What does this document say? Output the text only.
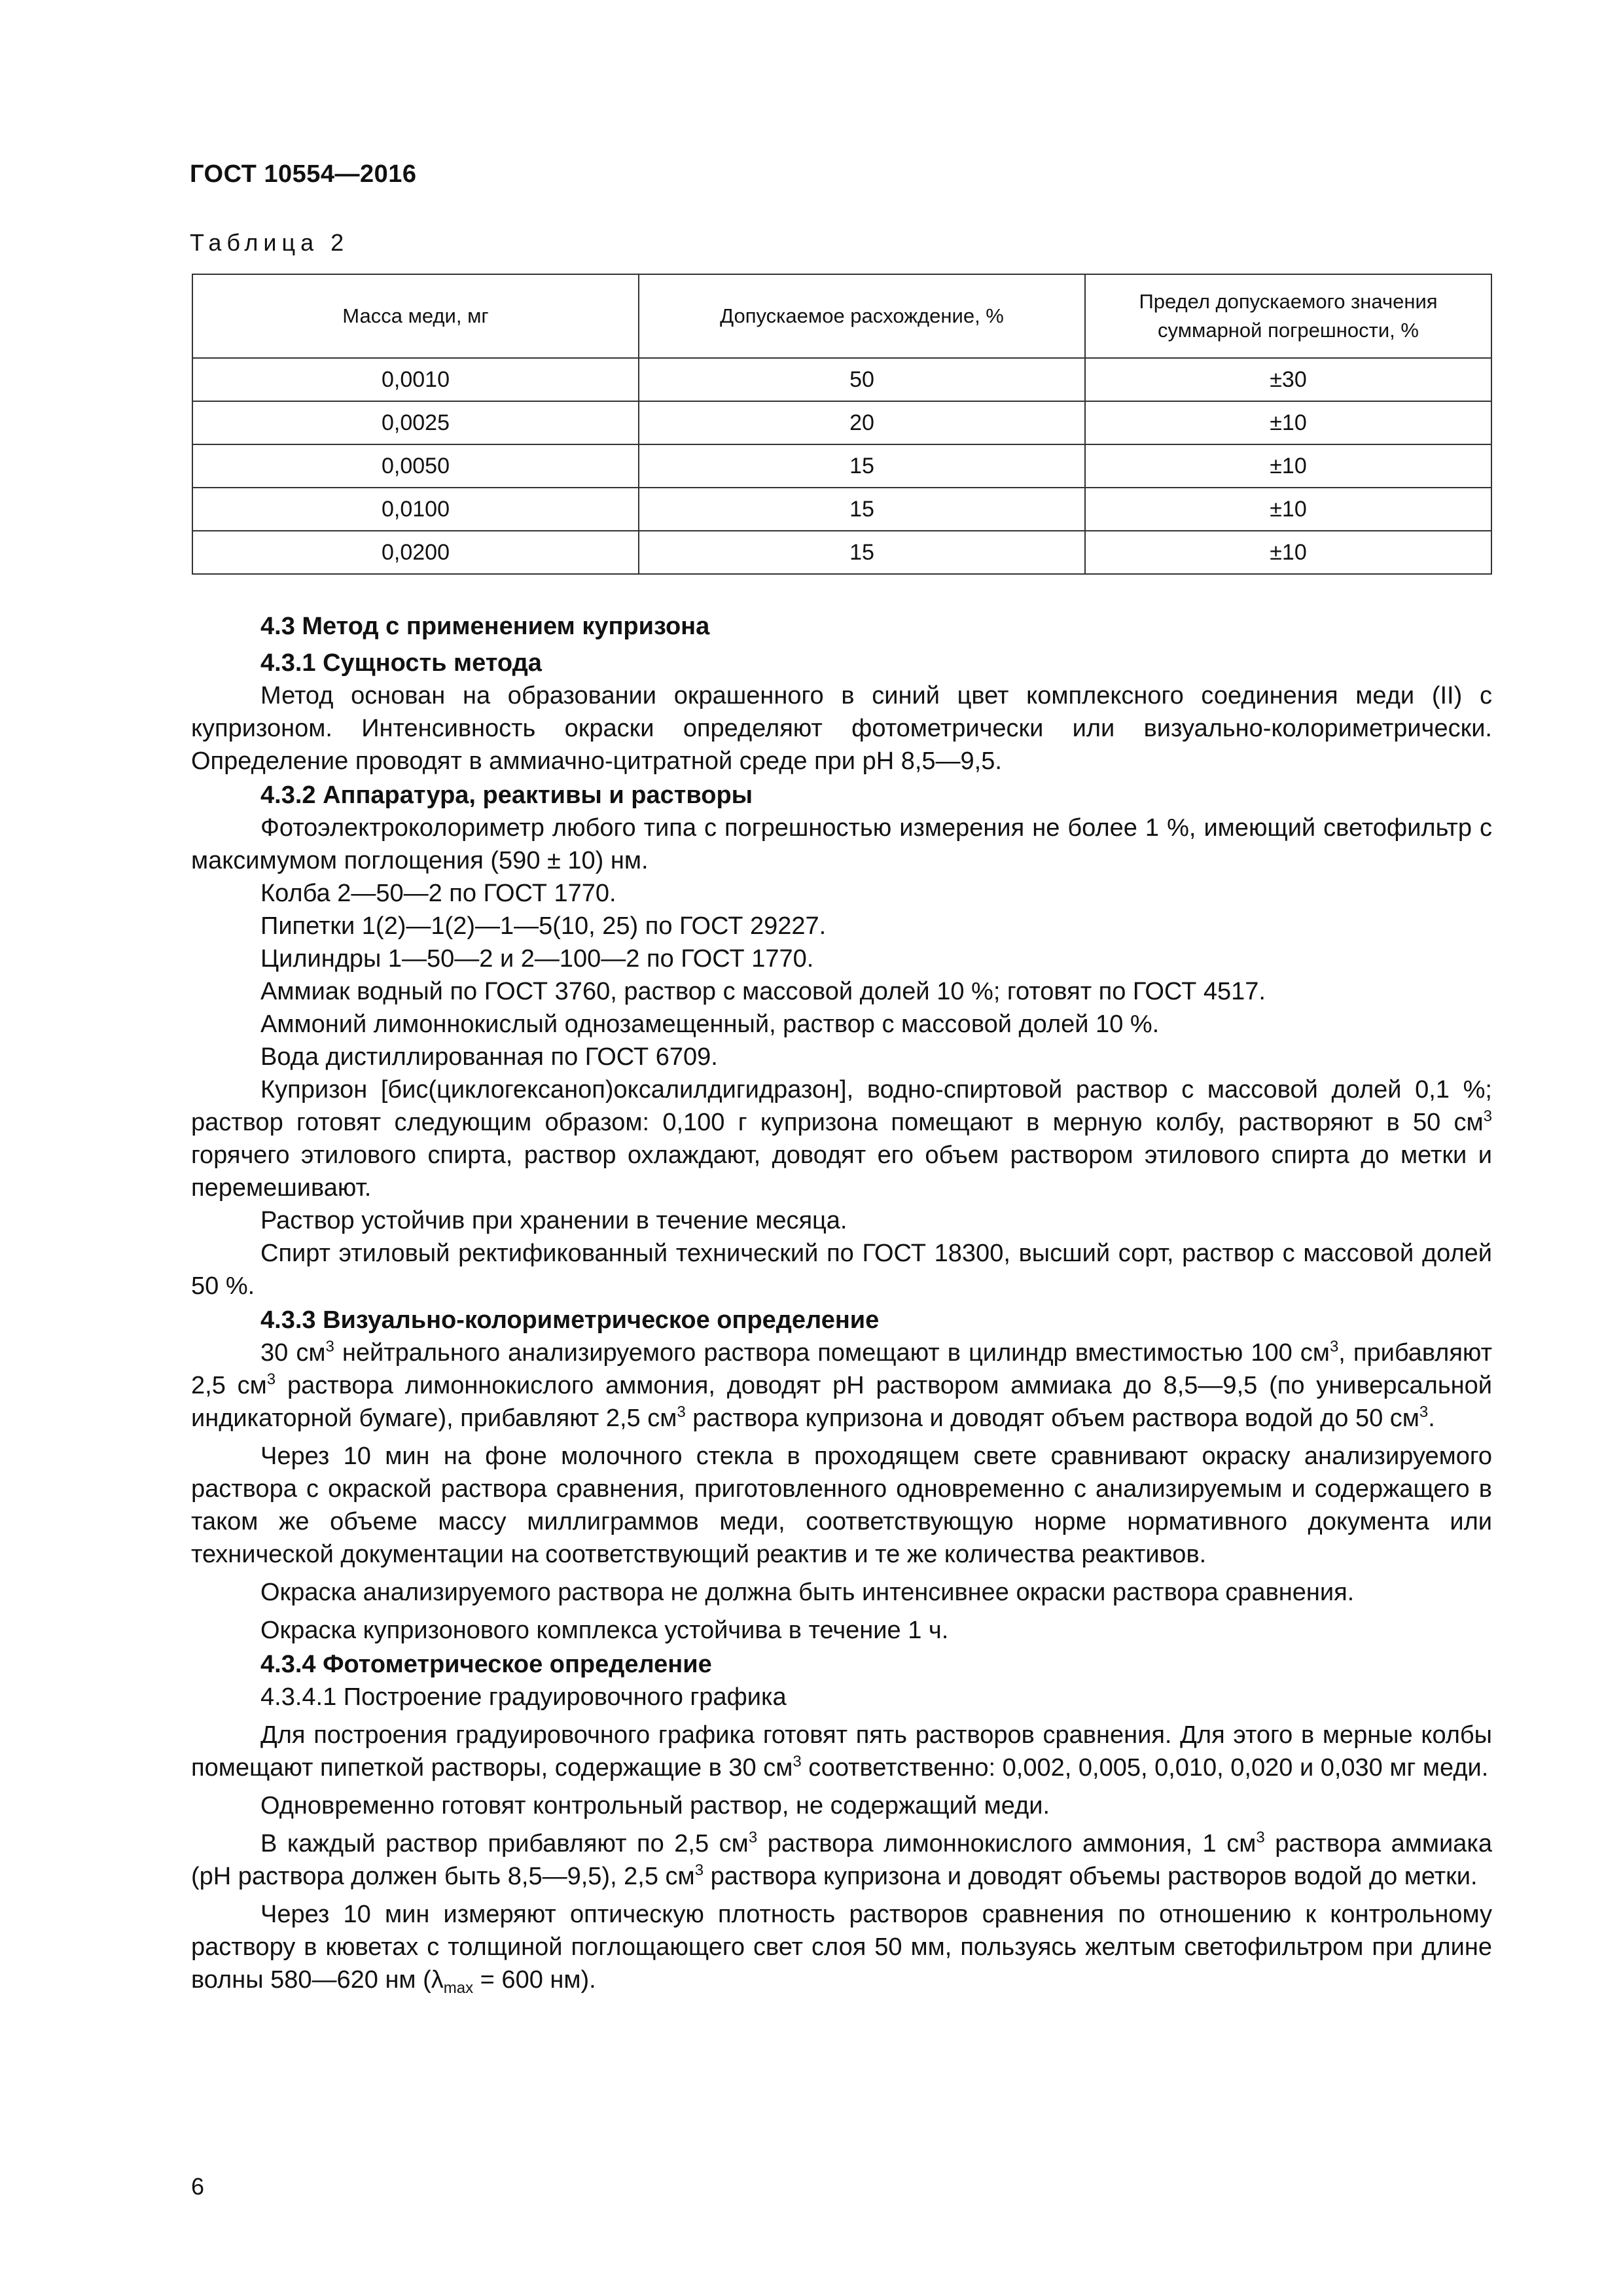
ГОСТ 10554—2016
Таблица 2
Масса меди, мг	Допускаемое расхождение, %	Предел допускаемого значения суммарной погрешности, %
0,0010	50	±30
0,0025	20	±10
0,0050	15	±10
0,0100	15	±10
0,0200	15	±10

4.3 Метод с применением купризона

4.3.1 Сущность метода

Метод основан на образовании окрашенного в синий цвет комплексного соединения меди (II) с купризоном. Интенсивность окраски определяют фотометрически или визуально-колориметрически. Определение проводят в аммиачно-цитратной среде при pH 8,5—9,5.

4.3.2 Аппаратура, реактивы и растворы

Фотоэлектроколориметр любого типа с погрешностью измерения не более 1 %, имеющий светофильтр с максимумом поглощения (590 ± 10) нм.

Колба 2—50—2 по ГОСТ 1770.

Пипетки 1(2)—1(2)—1—5(10, 25) по ГОСТ 29227.

Цилиндры 1—50—2 и 2—100—2 по ГОСТ 1770.

Аммиак водный по ГОСТ 3760, раствор с массовой долей 10 %; готовят по ГОСТ 4517.

Аммоний лимоннокислый однозамещенный, раствор с массовой долей 10 %.

Вода дистиллированная по ГОСТ 6709.

Купризон [бис(циклогексаноп)оксалилдигидразон], водно-спиртовой раствор с массовой долей 0,1 %; раствор готовят следующим образом: 0,100 г купризона помещают в мерную колбу, растворяют в 50 $см^3$ горячего этилового спирта, раствор охлаждают, доводят его объем раствором этилового спирта до метки и перемешивают.

Раствор устойчив при хранении в течение месяца.

Спирт этиловый ректификованный технический по ГОСТ 18300, высший сорт, раствор с массовой долей 50 %.

4.3.3 Визуально-колориметрическое определение

30 $см^3$ нейтрального анализируемого раствора помещают в цилиндр вместимостью 100 $см^3$, прибавляют 2,5 $см^3$ раствора лимоннокислого аммония, доводят pH раствором аммиака до 8,5—9,5 (по универсальной индикаторной бумаге), прибавляют 2,5 $см^3$ раствора купризона и доводят объем раствора водой до 50 $см^3$.

Через 10 мин на фоне молочного стекла в проходящем свете сравнивают окраску анализируемого раствора с окраской раствора сравнения, приготовленного одновременно с анализируемым и содержащего в таком же объеме массу миллиграммов меди, соответствующую норме нормативного документа или технической документации на соответствующий реактив и те же количества реактивов.

Окраска анализируемого раствора не должна быть интенсивнее окраски раствора сравнения.

Окраска купризонового комплекса устойчива в течение 1 ч.

4.3.4 Фотометрическое определение

4.3.4.1 Построение градуировочного графика

Для построения градуировочного графика готовят пять растворов сравнения. Для этого в мерные колбы помещают пипеткой растворы, содержащие в 30 $см^3$ соответственно: 0,002, 0,005, 0,010, 0,020 и 0,030 мг меди.

Одновременно готовят контрольный раствор, не содержащий меди.

В каждый раствор прибавляют по 2,5 $см^3$ раствора лимоннокислого аммония, 1 $см^3$ раствора аммиака (pH раствора должен быть 8,5—9,5), 2,5 $см^3$ раствора купризона и доводят объемы растворов водой до метки.

Через 10 мин измеряют оптическую плотность растворов сравнения по отношению к контрольному раствору в кюветах с толщиной поглощающего свет слоя 50 мм, пользуясь желтым светофильтром при длине волны 580—620 нм ($\lambda_{max} = 600$ нм).

6
